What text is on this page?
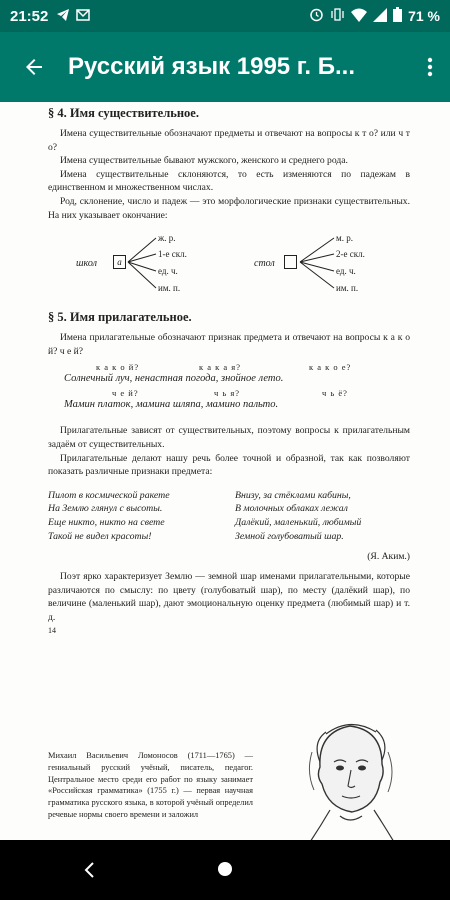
21:52	71 %
Русский язык 1995 г. Б...
§ 4. Имя существительное.

Имена существительные обозначают предметы и отвечают на вопросы к т о? или ч т о?

Имена существительные бывают мужского, женского и среднего рода.

Имена существительные склоняются, то есть изменяются по падежам в единственном и множественном числах.

Род, склонение, число и падеж — это морфологические признаки существительных. На них указывает окончание:

школ	а
ж. р.
1-е скл.
ед. ч.
им. п.
стол
м. р.
2-е скл.
ед. ч.
им. п.
§ 5. Имя прилагательное.

Имена прилагательные обозначают признак предмета и отвечают на вопросы к а к о й? ч е й?

к а к о й?	к а к а я?	к а к о е?
Солнечный луч, ненастная погода, знойное лето.
ч е й?	ч ь я?	ч ь ё?
Мамин платок, мамина шляпа, мамино пальто.

Прилагательные зависят от существительных, поэтому вопросы к прилагательным задаём от существительных.

Прилагательные делают нашу речь более точной и образной, так как позволяют показать различные признаки предмета:

Пилот в космической ракете
На Землю глянул с высоты.
Еще никто, никто на свете
Такой не видел красоты!
Внизу, за стёклами кабины,
В молочных облаках лежал
Далёкий, маленький, любимый
Земной голубоватый шар.
(Я. Аким.)

Поэт ярко характеризует Землю — земной шар именами прилагательными, которые различаются по смыслу: по цвету (голубоватый шар), по месту (далёкий шар), по величине (маленький шар), дают эмоциональную оценку предмета (любимый шар) и т. д.

14
Михаил Васильевич Ломоносов (1711—1765) — гениальный русский учёный, писатель, педагог. Центральное место среди его работ по языку занимает «Российская грамматика» (1755 г.) — первая научная грамматика русского языка, в которой учёный определил речевые нормы своего времени и заложил
